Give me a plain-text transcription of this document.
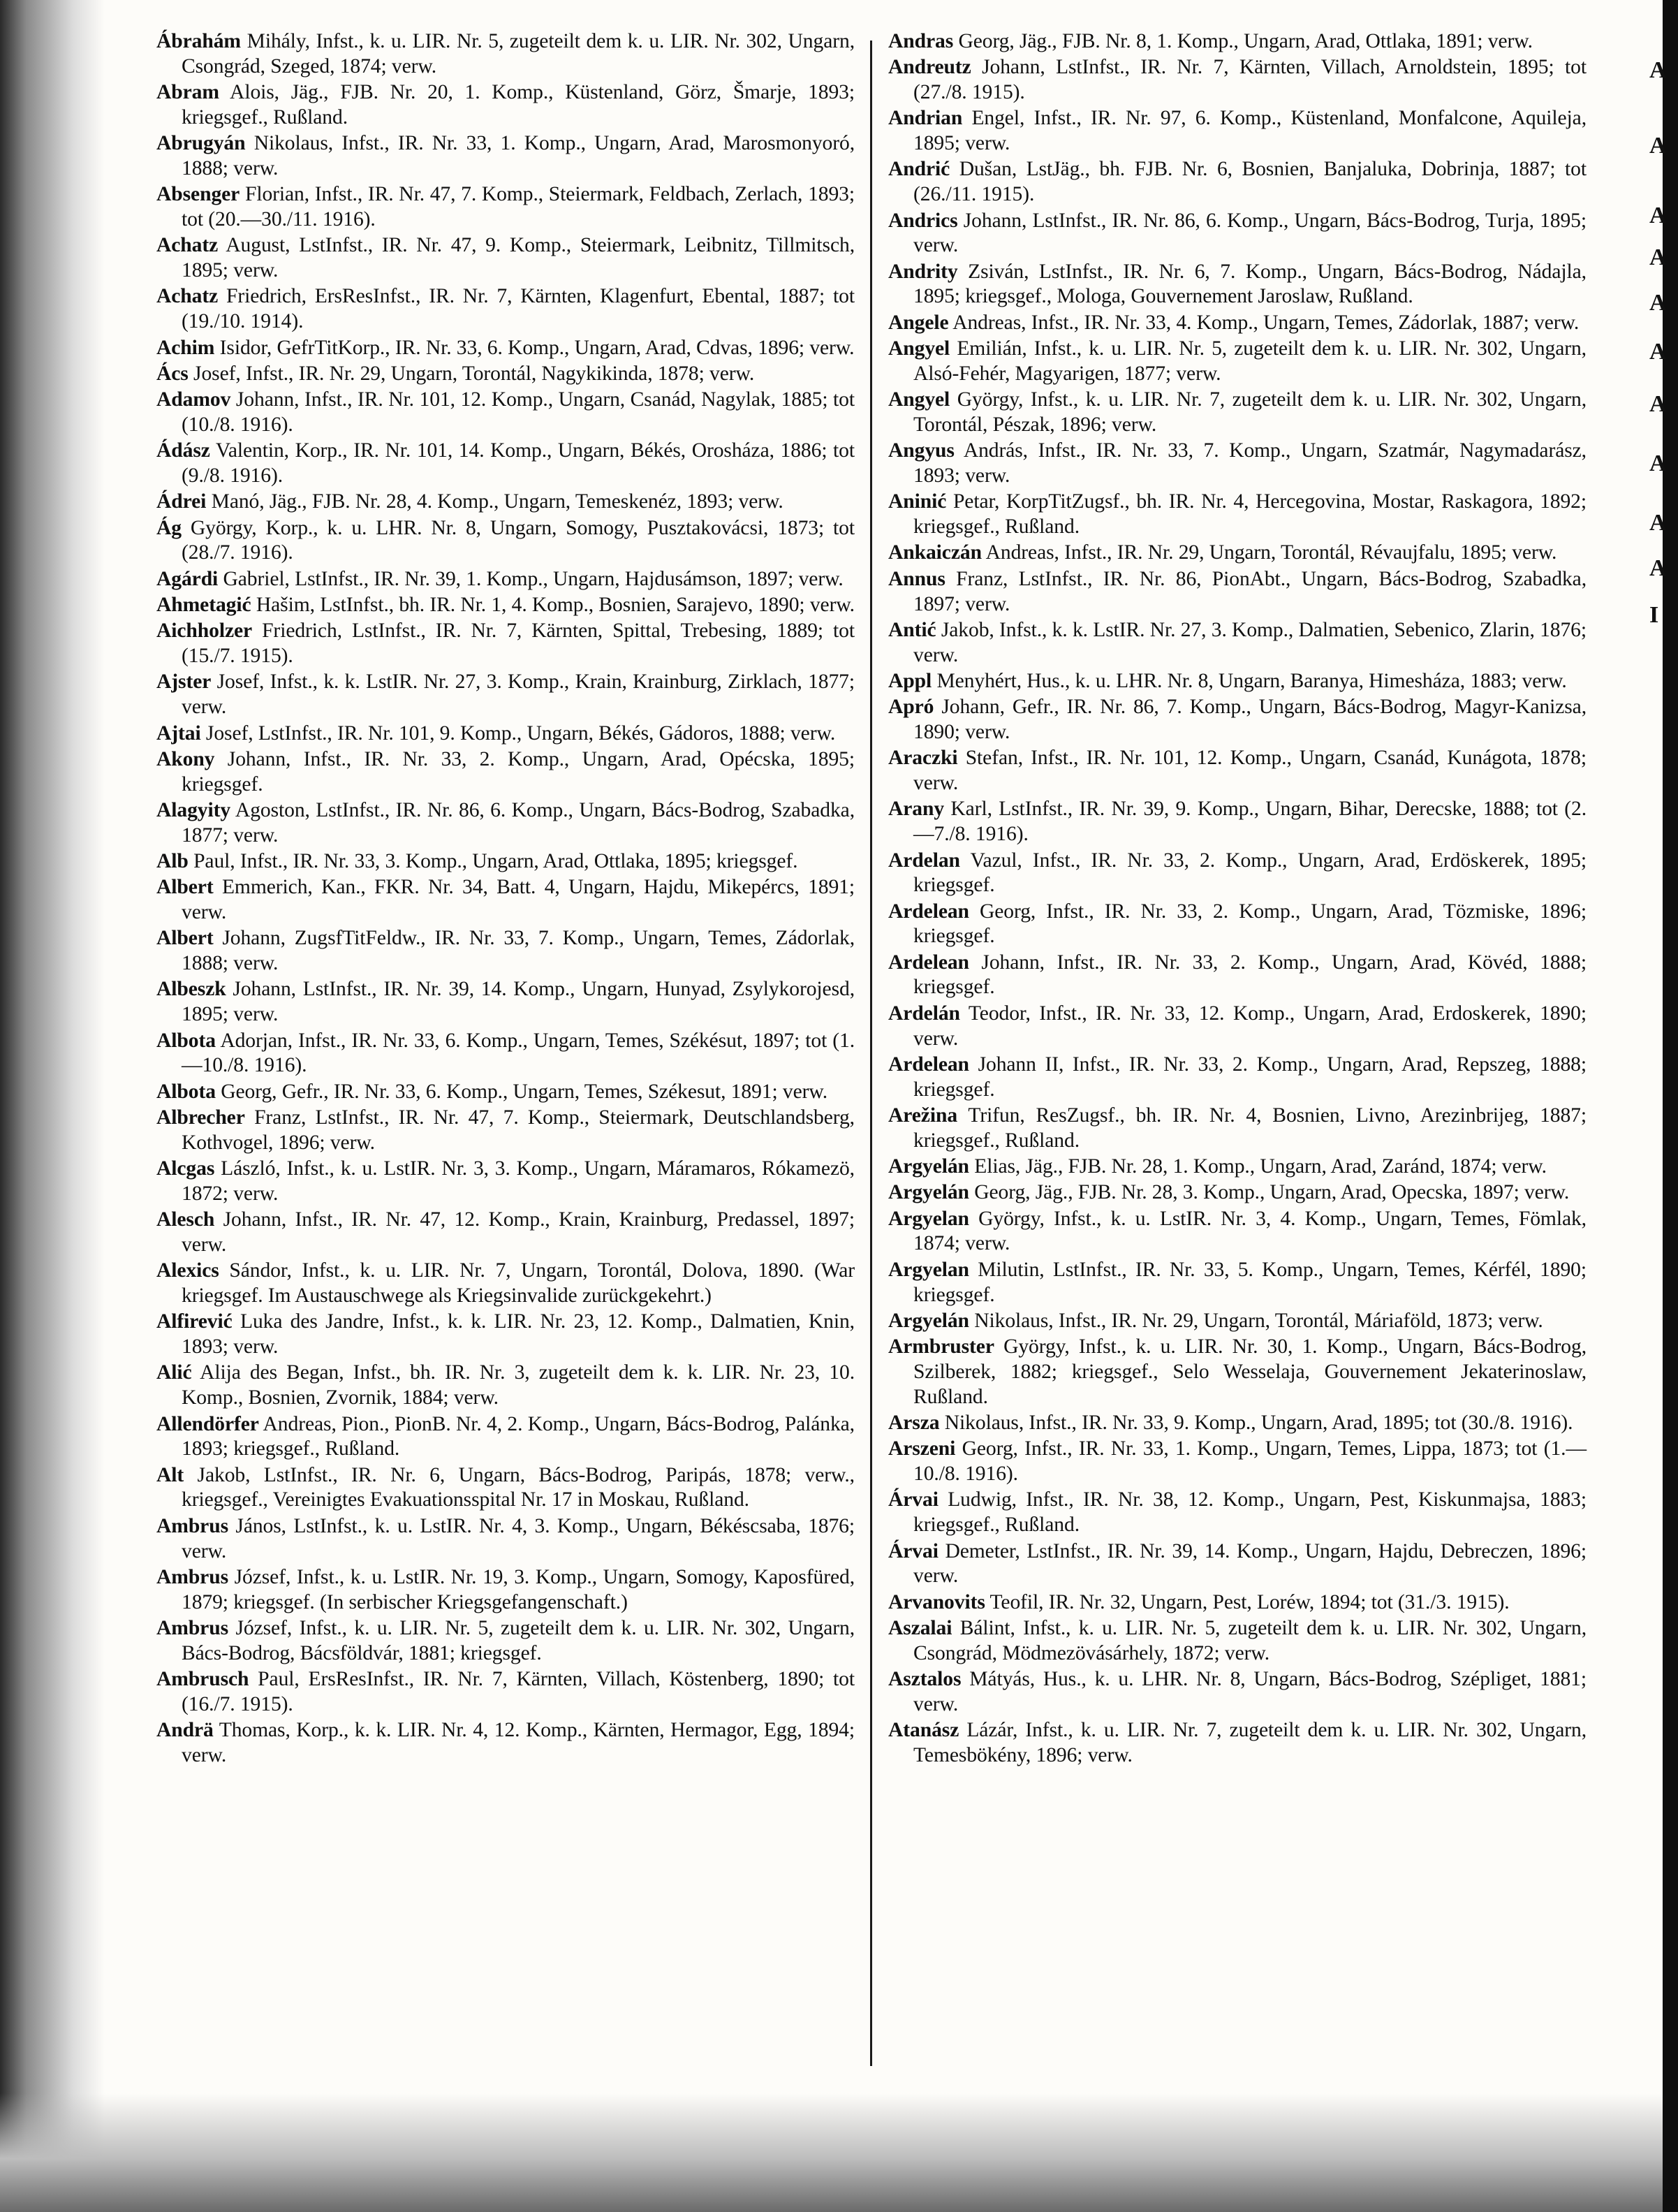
A
A
A
A
A
A
A
A
A
A
I

Ábrahám Mihály, Infst., k. u. LIR. Nr. 5, zugeteilt dem k. u. LIR. Nr. 302, Ungarn, Csongrád, Szeged, 1874; verw.

Abram Alois, Jäg., FJB. Nr. 20, 1. Komp., Küstenland, Görz, Šmarje, 1893; kriegsgef., Rußland.

Abrugyán Nikolaus, Infst., IR. Nr. 33, 1. Komp., Ungarn, Arad, Marosmonyoró, 1888; verw.

Absenger Florian, Infst., IR. Nr. 47, 7. Komp., Steiermark, Feldbach, Zerlach, 1893; tot (20.—30./11. 1916).

Achatz August, LstInfst., IR. Nr. 47, 9. Komp., Steiermark, Leibnitz, Tillmitsch, 1895; verw.

Achatz Friedrich, ErsResInfst., IR. Nr. 7, Kärnten, Klagenfurt, Ebental, 1887; tot (19./10. 1914).

Achim Isidor, GefrTitKorp., IR. Nr. 33, 6. Komp., Ungarn, Arad, Cdvas, 1896; verw.

Ács Josef, Infst., IR. Nr. 29, Ungarn, Torontál, Nagykikinda, 1878; verw.

Adamov Johann, Infst., IR. Nr. 101, 12. Komp., Ungarn, Csanád, Nagylak, 1885; tot (10./8. 1916).

Ádász Valentin, Korp., IR. Nr. 101, 14. Komp., Ungarn, Békés, Orosháza, 1886; tot (9./8. 1916).

Ádrei Manó, Jäg., FJB. Nr. 28, 4. Komp., Ungarn, Temeskenéz, 1893; verw.

Ág György, Korp., k. u. LHR. Nr. 8, Ungarn, Somogy, Pusztakovácsi, 1873; tot (28./7. 1916).

Agárdi Gabriel, LstInfst., IR. Nr. 39, 1. Komp., Ungarn, Hajdusámson, 1897; verw.

Ahmetagić Hašim, LstInfst., bh. IR. Nr. 1, 4. Komp., Bosnien, Sarajevo, 1890; verw.

Aichholzer Friedrich, LstInfst., IR. Nr. 7, Kärnten, Spittal, Trebesing, 1889; tot (15./7. 1915).

Ajster Josef, Infst., k. k. LstIR. Nr. 27, 3. Komp., Krain, Krainburg, Zirklach, 1877; verw.

Ajtai Josef, LstInfst., IR. Nr. 101, 9. Komp., Ungarn, Békés, Gádoros, 1888; verw.

Akony Johann, Infst., IR. Nr. 33, 2. Komp., Ungarn, Arad, Opécska, 1895; kriegsgef.

Alagyity Agoston, LstInfst., IR. Nr. 86, 6. Komp., Ungarn, Bács-Bodrog, Szabadka, 1877; verw.

Alb Paul, Infst., IR. Nr. 33, 3. Komp., Ungarn, Arad, Ottlaka, 1895; kriegsgef.

Albert Emmerich, Kan., FKR. Nr. 34, Batt. 4, Ungarn, Hajdu, Mikepércs, 1891; verw.

Albert Johann, ZugsfTitFeldw., IR. Nr. 33, 7. Komp., Ungarn, Temes, Zádorlak, 1888; verw.

Albeszk Johann, LstInfst., IR. Nr. 39, 14. Komp., Ungarn, Hunyad, Zsylykorojesd, 1895; verw.

Albota Adorjan, Infst., IR. Nr. 33, 6. Komp., Ungarn, Temes, Székésut, 1897; tot (1.—10./8. 1916).

Albota Georg, Gefr., IR. Nr. 33, 6. Komp., Ungarn, Temes, Székesut, 1891; verw.

Albrecher Franz, LstInfst., IR. Nr. 47, 7. Komp., Steiermark, Deutschlandsberg, Kothvogel, 1896; verw.

Alcgas László, Infst., k. u. LstIR. Nr. 3, 3. Komp., Ungarn, Máramaros, Rókamezö, 1872; verw.

Alesch Johann, Infst., IR. Nr. 47, 12. Komp., Krain, Krainburg, Predassel, 1897; verw.

Alexics Sándor, Infst., k. u. LIR. Nr. 7, Ungarn, Torontál, Dolova, 1890. (War kriegsgef. Im Austauschwege als Kriegsinvalide zurückgekehrt.)

Alfirević Luka des Jandre, Infst., k. k. LIR. Nr. 23, 12. Komp., Dalmatien, Knin, 1893; verw.

Alić Alija des Began, Infst., bh. IR. Nr. 3, zugeteilt dem k. k. LIR. Nr. 23, 10. Komp., Bosnien, Zvornik, 1884; verw.

Allendörfer Andreas, Pion., PionB. Nr. 4, 2. Komp., Ungarn, Bács-Bodrog, Palánka, 1893; kriegsgef., Rußland.

Alt Jakob, LstInfst., IR. Nr. 6, Ungarn, Bács-Bodrog, Paripás, 1878; verw., kriegsgef., Vereinigtes Evakuationsspital Nr. 17 in Moskau, Rußland.

Ambrus János, LstInfst., k. u. LstIR. Nr. 4, 3. Komp., Ungarn, Békéscsaba, 1876; verw.

Ambrus József, Infst., k. u. LstIR. Nr. 19, 3. Komp., Ungarn, Somogy, Kaposfüred, 1879; kriegsgef. (In serbischer Kriegsgefangenschaft.)

Ambrus József, Infst., k. u. LIR. Nr. 5, zugeteilt dem k. u. LIR. Nr. 302, Ungarn, Bács-Bodrog, Bácsföldvár, 1881; kriegsgef.

Ambrusch Paul, ErsResInfst., IR. Nr. 7, Kärnten, Villach, Köstenberg, 1890; tot (16./7. 1915).

Andrä Thomas, Korp., k. k. LIR. Nr. 4, 12. Komp., Kärnten, Hermagor, Egg, 1894; verw.

Andras Georg, Jäg., FJB. Nr. 8, 1. Komp., Ungarn, Arad, Ottlaka, 1891; verw.

Andreutz Johann, LstInfst., IR. Nr. 7, Kärnten, Villach, Arnoldstein, 1895; tot (27./8. 1915).

Andrian Engel, Infst., IR. Nr. 97, 6. Komp., Küstenland, Monfalcone, Aquileja, 1895; verw.

Andrić Dušan, LstJäg., bh. FJB. Nr. 6, Bosnien, Banjaluka, Dobrinja, 1887; tot (26./11. 1915).

Andrics Johann, LstInfst., IR. Nr. 86, 6. Komp., Ungarn, Bács-Bodrog, Turja, 1895; verw.

Andrity Zsiván, LstInfst., IR. Nr. 6, 7. Komp., Ungarn, Bács-Bodrog, Nádajla, 1895; kriegsgef., Mologa, Gouvernement Jaroslaw, Rußland.

Angele Andreas, Infst., IR. Nr. 33, 4. Komp., Ungarn, Temes, Zádorlak, 1887; verw.

Angyel Emilián, Infst., k. u. LIR. Nr. 5, zugeteilt dem k. u. LIR. Nr. 302, Ungarn, Alsó-Fehér, Magyarigen, 1877; verw.

Angyel György, Infst., k. u. LIR. Nr. 7, zugeteilt dem k. u. LIR. Nr. 302, Ungarn, Torontál, Pészak, 1896; verw.

Angyus András, Infst., IR. Nr. 33, 7. Komp., Ungarn, Szatmár, Nagymadarász, 1893; verw.

Aninić Petar, KorpTitZugsf., bh. IR. Nr. 4, Hercegovina, Mostar, Raskagora, 1892; kriegsgef., Rußland.

Ankaiczán Andreas, Infst., IR. Nr. 29, Ungarn, Torontál, Révaujfalu, 1895; verw.

Annus Franz, LstInfst., IR. Nr. 86, PionAbt., Ungarn, Bács-Bodrog, Szabadka, 1897; verw.

Antić Jakob, Infst., k. k. LstIR. Nr. 27, 3. Komp., Dalmatien, Sebenico, Zlarin, 1876; verw.

Appl Menyhért, Hus., k. u. LHR. Nr. 8, Ungarn, Baranya, Himesháza, 1883; verw.

Apró Johann, Gefr., IR. Nr. 86, 7. Komp., Ungarn, Bács-Bodrog, Magyr-Kanizsa, 1890; verw.

Araczki Stefan, Infst., IR. Nr. 101, 12. Komp., Ungarn, Csanád, Kunágota, 1878; verw.

Arany Karl, LstInfst., IR. Nr. 39, 9. Komp., Ungarn, Bihar, Derecske, 1888; tot (2.—7./8. 1916).

Ardelan Vazul, Infst., IR. Nr. 33, 2. Komp., Ungarn, Arad, Erdöskerek, 1895; kriegsgef.

Ardelean Georg, Infst., IR. Nr. 33, 2. Komp., Ungarn, Arad, Tözmiske, 1896; kriegsgef.

Ardelean Johann, Infst., IR. Nr. 33, 2. Komp., Ungarn, Arad, Kövéd, 1888; kriegsgef.

Ardelán Teodor, Infst., IR. Nr. 33, 12. Komp., Ungarn, Arad, Erdoskerek, 1890; verw.

Ardelean Johann II, Infst., IR. Nr. 33, 2. Komp., Ungarn, Arad, Repszeg, 1888; kriegsgef.

Arežina Trifun, ResZugsf., bh. IR. Nr. 4, Bosnien, Livno, Arezinbrijeg, 1887; kriegsgef., Rußland.

Argyelán Elias, Jäg., FJB. Nr. 28, 1. Komp., Ungarn, Arad, Zaránd, 1874; verw.

Argyelán Georg, Jäg., FJB. Nr. 28, 3. Komp., Ungarn, Arad, Opecska, 1897; verw.

Argyelan György, Infst., k. u. LstIR. Nr. 3, 4. Komp., Ungarn, Temes, Fömlak, 1874; verw.

Argyelan Milutin, LstInfst., IR. Nr. 33, 5. Komp., Ungarn, Temes, Kérfél, 1890; kriegsgef.

Argyelán Nikolaus, Infst., IR. Nr. 29, Ungarn, Torontál, Máriaföld, 1873; verw.

Armbruster György, Infst., k. u. LIR. Nr. 30, 1. Komp., Ungarn, Bács-Bodrog, Szilberek, 1882; kriegsgef., Selo Wesselaja, Gouvernement Jekaterinoslaw, Rußland.

Arsza Nikolaus, Infst., IR. Nr. 33, 9. Komp., Ungarn, Arad, 1895; tot (30./8. 1916).

Arszeni Georg, Infst., IR. Nr. 33, 1. Komp., Ungarn, Temes, Lippa, 1873; tot (1.—10./8. 1916).

Árvai Ludwig, Infst., IR. Nr. 38, 12. Komp., Ungarn, Pest, Kiskunmajsa, 1883; kriegsgef., Rußland.

Árvai Demeter, LstInfst., IR. Nr. 39, 14. Komp., Ungarn, Hajdu, Debreczen, 1896; verw.

Arvanovits Teofil, IR. Nr. 32, Ungarn, Pest, Loréw, 1894; tot (31./3. 1915).

Aszalai Bálint, Infst., k. u. LIR. Nr. 5, zugeteilt dem k. u. LIR. Nr. 302, Ungarn, Csongrád, Mödmezövásárhely, 1872; verw.

Asztalos Mátyás, Hus., k. u. LHR. Nr. 8, Ungarn, Bács-Bodrog, Szépliget, 1881; verw.

Atanász Lázár, Infst., k. u. LIR. Nr. 7, zugeteilt dem k. u. LIR. Nr. 302, Ungarn, Temesbökény, 1896; verw.
